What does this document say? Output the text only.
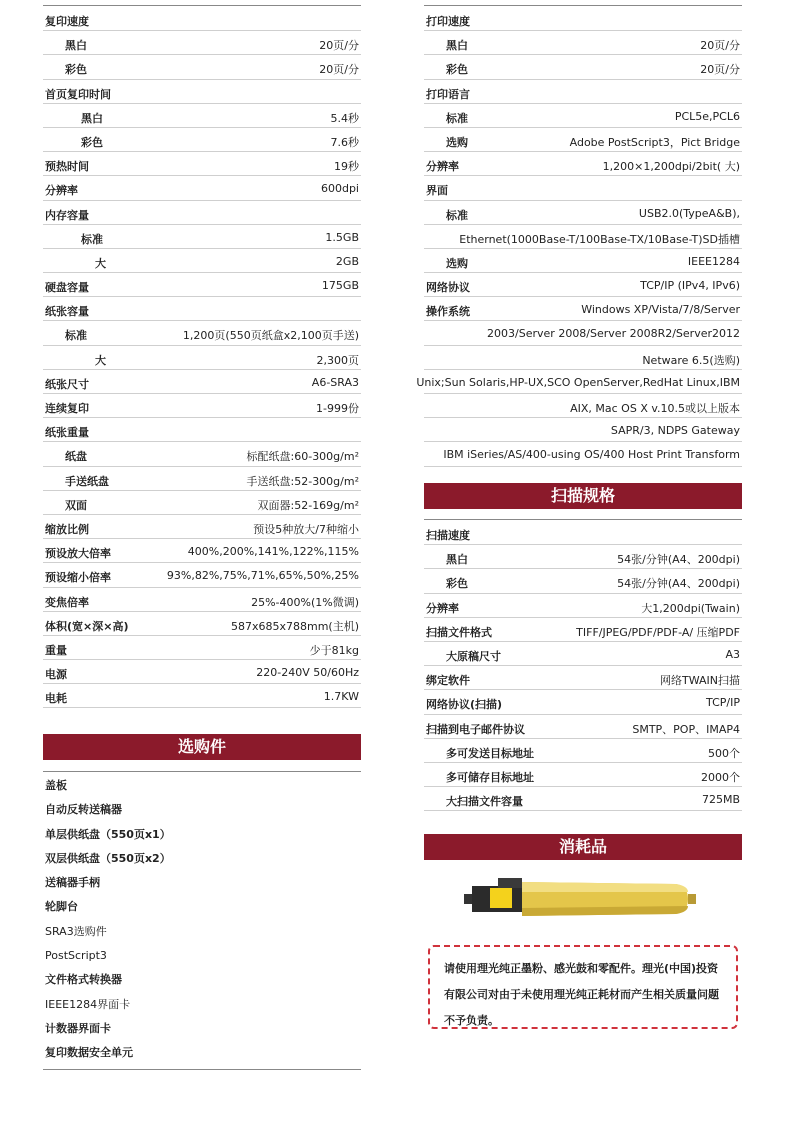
复印速度
黑白	20页/分
彩色	20页/分
首页复印时间
黑白	5.4秒
彩色	7.6秒
预热时间	19秒
分辨率	600dpi
内存容量
标准	1.5GB
大	2GB
硬盘容量	175GB
纸张容量
标准	1,200页(550页纸盒x2,100页手送)
大	2,300页
纸张尺寸	A6-SRA3
连续复印	1-999份
纸张重量
纸盘	标配纸盘:60-300g/m²
手送纸盘	手送纸盘:52-300g/m²
双面	双面器:52-169g/m²
缩放比例	预设5种放大/7种缩小
预设放大倍率	400%,200%,141%,122%,115%
预设缩小倍率	93%,82%,75%,71%,65%,50%,25%
变焦倍率	25%-400%(1%微调)
体积(宽×深×高)	587x685x788mm(主机)
重量	少于81kg
电源	220-240V 50/60Hz
电耗	1.7KW
选购件
盖板
自动反转送稿器
单层供纸盘（550页x1）
双层供纸盘（550页x2）
送稿器手柄
轮脚台
SRA3选购件
PostScript3
文件格式转换器
IEEE1284界面卡
计数器界面卡
复印数据安全单元
打印速度
黑白	20页/分
彩色	20页/分
打印语言
标准	PCL5e,PCL6
选购	Adobe PostScript3，Pict Bridge
分辨率	1,200×1,200dpi/2bit( 大)
界面
标准	USB2.0(TypeA&B),
Ethernet(1000Base-T/100Base-TX/10Base-T)SD插槽
选购	IEEE1284
网络协议	TCP/IP (IPv4, IPv6)
操作系统	Windows XP/Vista/7/8/Server
2003/Server 2008/Server 2008R2/Server2012
Netware 6.5(选购)
Unix;Sun Solaris,HP-UX,SCO OpenServer,RedHat Linux,IBM
AIX, Mac OS X v.10.5或以上版本
SAPR/3, NDPS Gateway
IBM iSeries/AS/400-using OS/400 Host Print Transform
扫描规格
扫描速度
黑白	54张/分钟(A4、200dpi)
彩色	54张/分钟(A4、200dpi)
分辨率	大1,200dpi(Twain)
扫描文件格式	TIFF/JPEG/PDF/PDF-A/ 压缩PDF
大原稿尺寸	A3
绑定软件	网络TWAIN扫描
网络协议(扫描)	TCP/IP
扫描到电子邮件协议	SMTP、POP、IMAP4
多可发送目标地址	500个
多可储存目标地址	2000个
大扫描文件容量	725MB
消耗品
请使用理光纯正墨粉、感光鼓和零配件。理光(中国)投资有限公司对由于未使用理光纯正耗材而产生相关质量问题不予负责。
